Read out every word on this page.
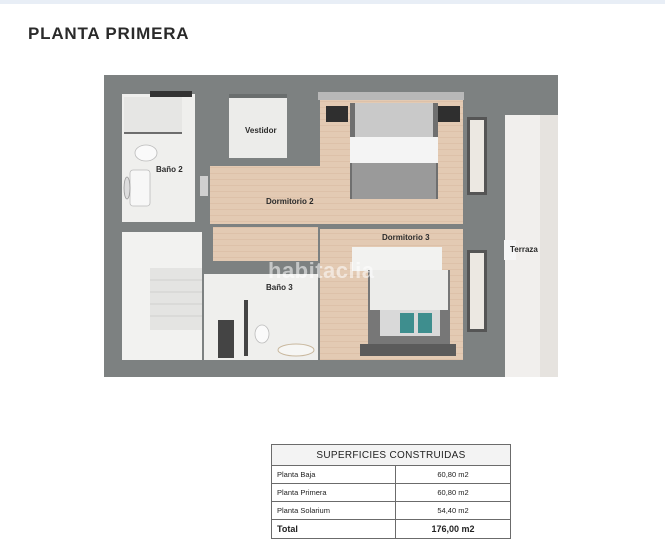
PLANTA PRIMERA
Baño 2
Vestidor
Dormitorio 2
Dormitorio 3
Terraza
Baño 3
habitaclia
SUPERFICIES CONSTRUIDAS	
Planta Baja	60,80 m2
Planta Primera	60,80 m2
Planta Solarium	54,40 m2
Total	176,00 m2
